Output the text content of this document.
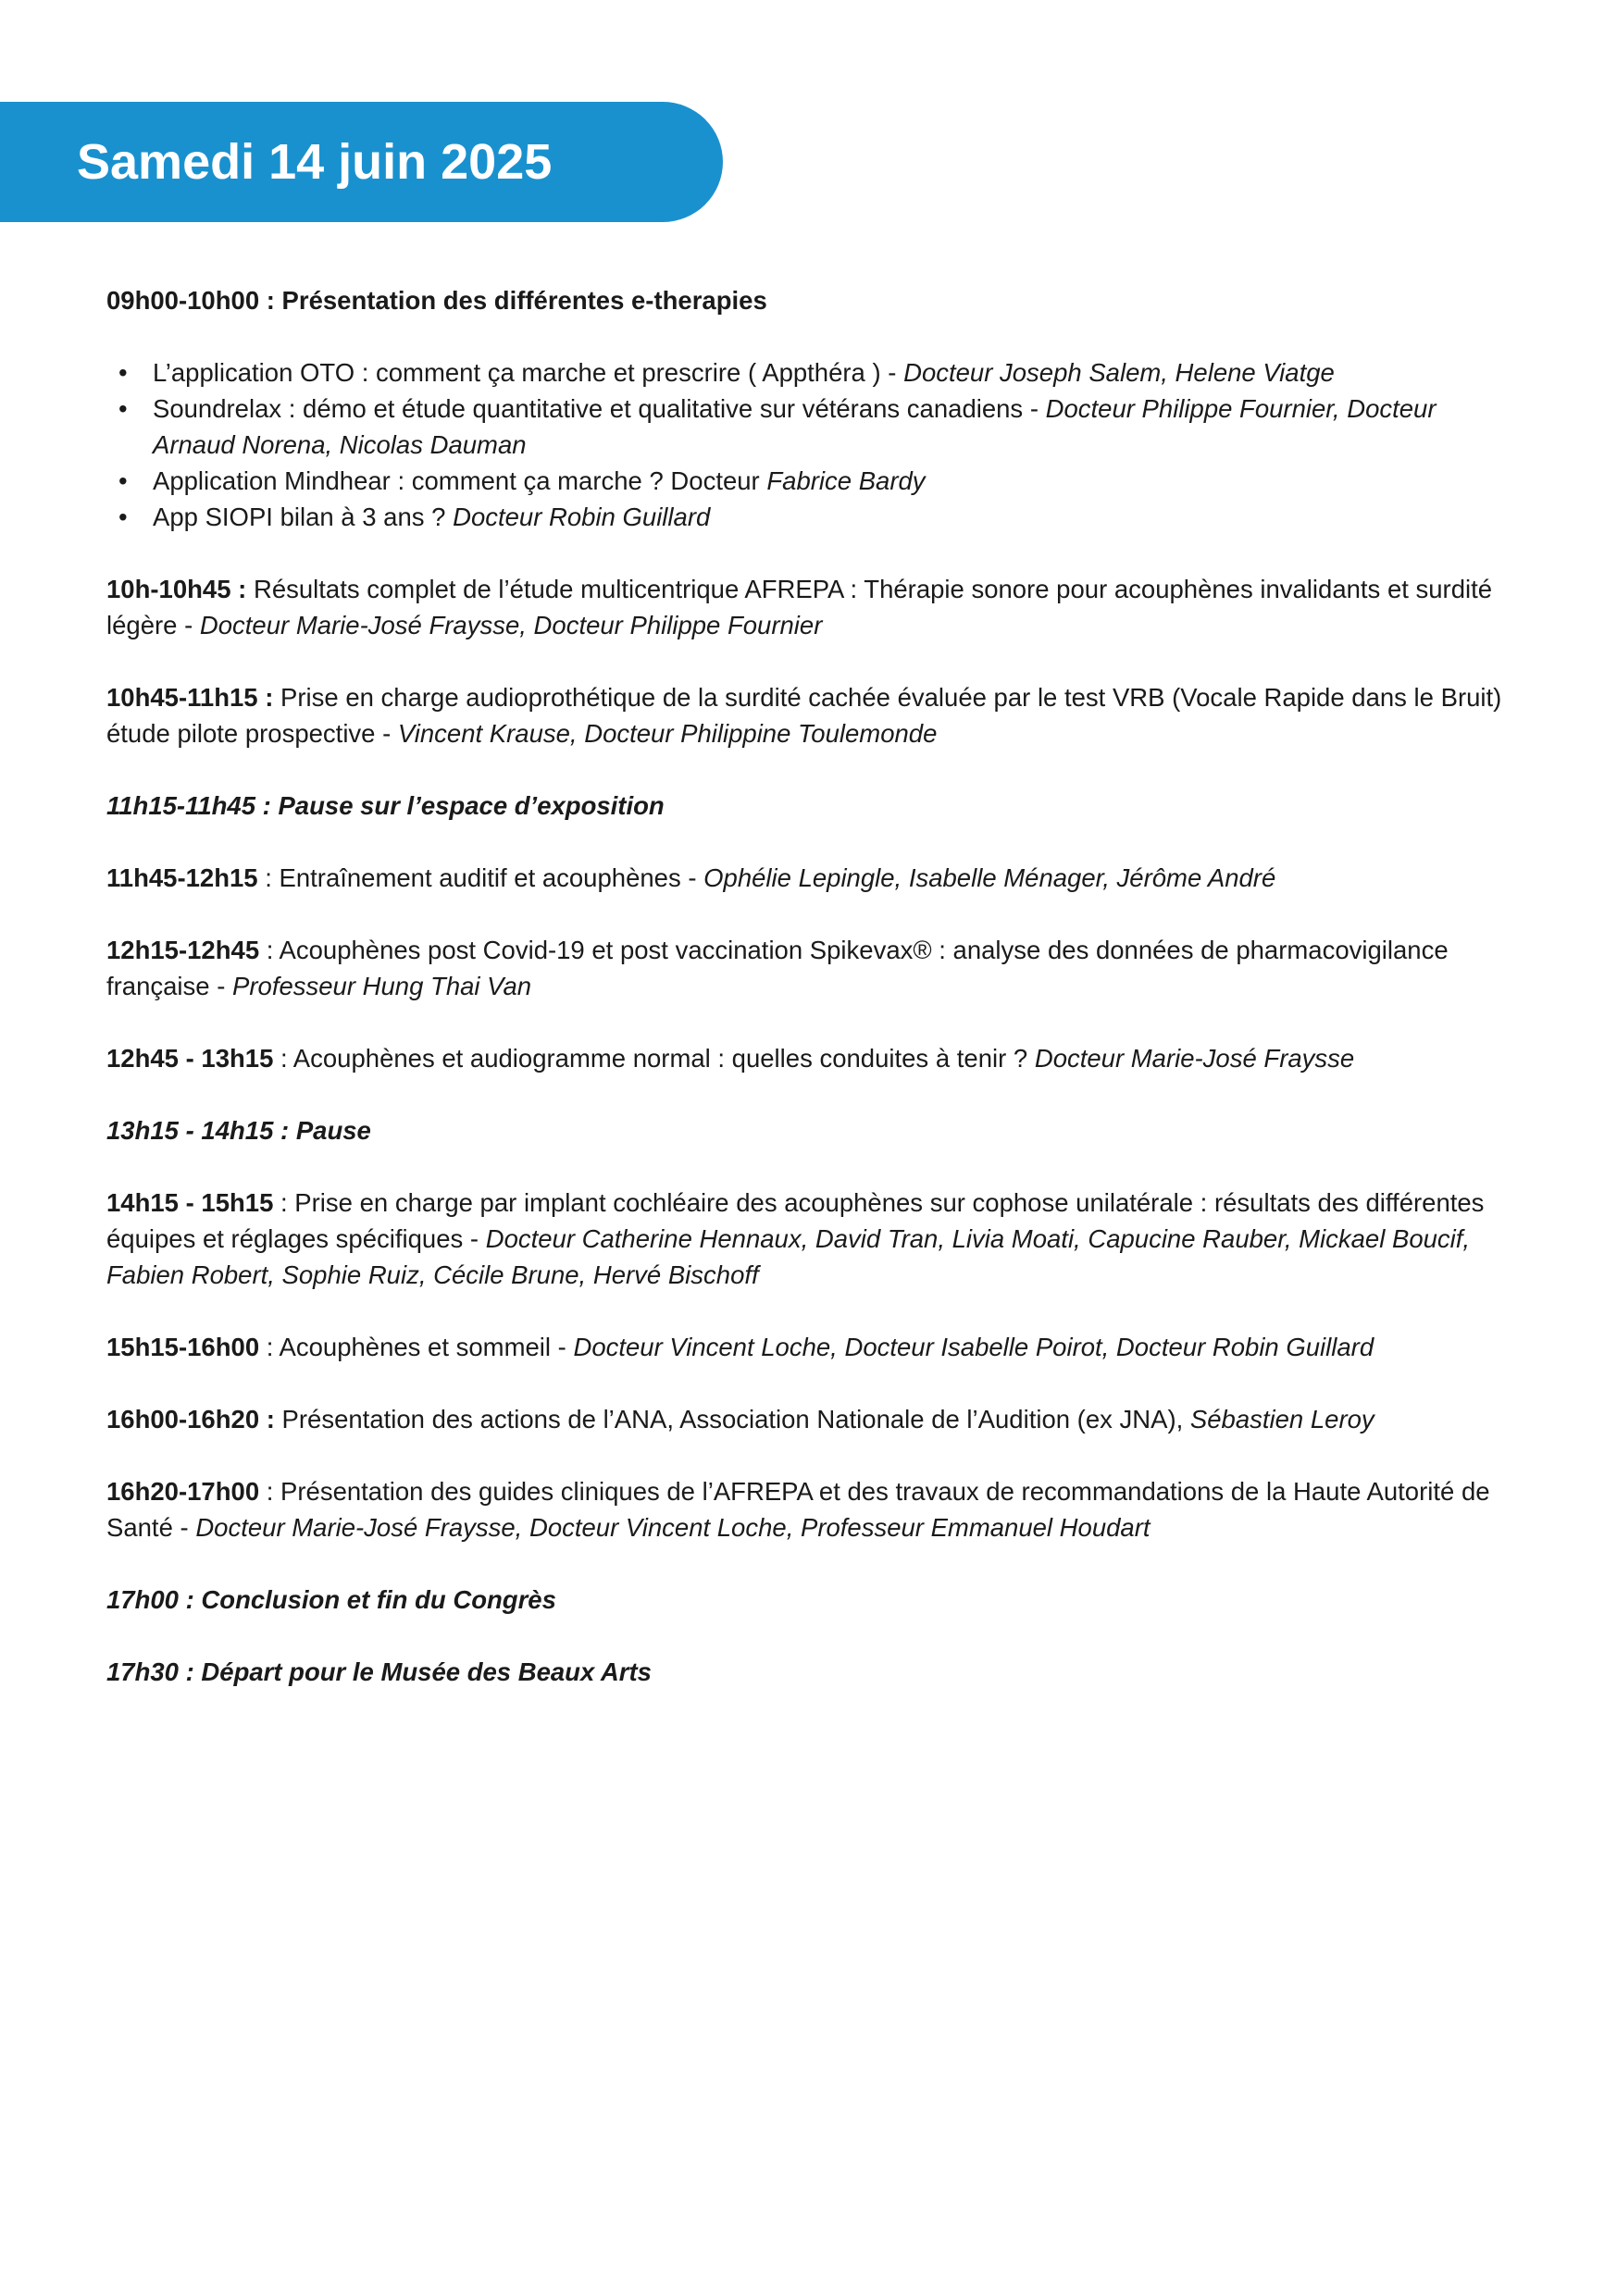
Samedi 14 juin 2025

09h00-10h00 : Présentation des différentes e-therapies

• L’application OTO : comment ça marche et prescrire ( Appthéra ) - Docteur Joseph Salem, Helene Viatge
• Soundrelax : démo et étude quantitative et qualitative sur vétérans canadiens - Docteur Philippe Fournier, Docteur Arnaud Norena, Nicolas Dauman
• Application Mindhear : comment ça marche ? Docteur Fabrice Bardy
• App SIOPI bilan à 3 ans ? Docteur Robin Guillard

10h-10h45 : Résultats complet de l’étude multicentrique AFREPA : Thérapie sonore pour acouphènes invalidants et surdité légère - Docteur Marie-José Fraysse, Docteur Philippe Fournier

10h45-11h15 : Prise en charge audioprothétique de la surdité cachée évaluée par le test VRB (Vocale Rapide dans le Bruit) étude pilote prospective - Vincent Krause, Docteur Philippine Toulemonde

11h15-11h45 : Pause sur l’espace d’exposition

11h45-12h15 : Entraînement auditif et acouphènes - Ophélie Lepingle, Isabelle Ménager, Jérôme André

12h15-12h45 : Acouphènes post Covid-19 et post vaccination Spikevax® : analyse des données de pharmacovigilance française - Professeur Hung Thai Van

12h45 - 13h15 : Acouphènes et audiogramme normal : quelles conduites à tenir ? Docteur Marie-José Fraysse

13h15 - 14h15 : Pause

14h15 - 15h15 : Prise en charge par implant cochléaire des acouphènes sur cophose unilatérale : résultats des différentes équipes et réglages spécifiques - Docteur Catherine Hennaux, David Tran, Livia Moati, Capucine Rauber, Mickael Boucif, Fabien Robert, Sophie Ruiz, Cécile Brune, Hervé Bischoff

15h15-16h00 : Acouphènes et sommeil - Docteur Vincent Loche, Docteur Isabelle Poirot, Docteur Robin Guillard

16h00-16h20 : Présentation des actions de l’ANA, Association Nationale de l’Audition (ex JNA), Sébastien Leroy

16h20-17h00 : Présentation des guides cliniques de l’AFREPA et des travaux de recommandations de la Haute Autorité de Santé - Docteur Marie-José Fraysse, Docteur Vincent Loche, Professeur Emmanuel Houdart

17h00 : Conclusion et fin du Congrès

17h30 : Départ pour le Musée des Beaux Arts
